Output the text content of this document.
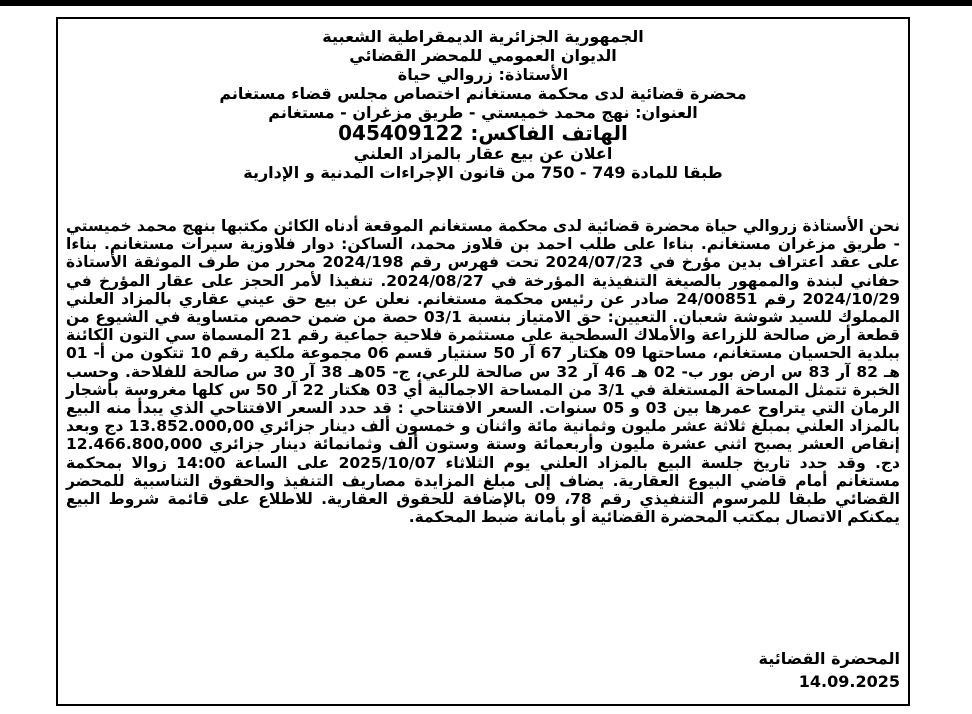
الجمهورية الجزائرية الديمقراطية الشعبية
الديوان العمومي للمحضر القضائي
الأستاذة: زروالي حياة
محضرة قضائية لدى محكمة مستغانم اختصاص مجلس قضاء مستغانم
العنوان: نهج محمد خميستي - طريق مزغران - مستغانم
الهاتف الفاكس: 045409122
اعلان عن بيع عقار بالمزاد العلني
طبقا للمادة 749 - 750 من قانون الإجراءات المدنية و الإدارية
نحن الأستاذة زروالي حياة محضرة قضائية لدى محكمة مستغانم الموقعة أدناه الكائن مكتبها بنهج محمد خميستي - طريق مزغران مستغانم. بناءا على طلب احمد بن قلاوز محمد، الساكن: دوار فلاوزية سيرات مستغانم. بناءا على عقد اعتراف بدين مؤرخ في 2024/07/23 تحت فهرس رقم 2024/198 محرر من طرف الموثقة الأستاذة حفاني لبندة والممهور بالصيغة التنفيذية المؤرخة في 2024/08/27. تنفيذا لأمر الحجز على عقار المؤرخ في 2024/10/29 رقم 24/00851 صادر عن رئيس محكمة مستغانم. نعلن عن بيع حق عيني عقاري بالمزاد العلني المملوك للسيد شوشة شعبان. التعيين: حق الامتياز بنسبة 03/1 حصة من ضمن حصص متساوية في الشيوع من قطعة أرض صالحة للزراعة والأملاك السطحية على مستثمرة فلاحية جماعية رقم 21 المسماة سي التون الكائنة ببلدية الحسيان مستغانم، مساحتها 09 هكتار 67 آر 50 سنتيار قسم 06 مجموعة ملكية رقم 10 تتكون من أ- 01 هـ 82 آر 83 س ارض بور ب- 02 هـ 46 آر 32 س صالحة للرعي، ج- 05هـ 38 آر 30 س صالحة للفلاحة. وحسب الخبرة تتمثل المساحة المستغلة في 3/1 من المساحة الاجمالية أي 03 هكتار 22 آر 50 س كلها مغروسة بأشجار الرمان التي يتراوح عمرها بين 03 و 05 سنوات. السعر الافتتاحي : قد حدد السعر الافتتاحي الذي يبدأ منه البيع بالمزاد العلني بمبلغ ثلاثة عشر مليون وثمانية مائة واثنان و خمسون ألف دينار جزائري 13.852.000,00 دج وبعد إنقاص العشر يصبح اثني عشرة مليون وأربعمائة وستة وستون ألف وثمانمائة دينار جزائري 12.466.800,000 دج. وقد حدد تاريخ جلسة البيع بالمزاد العلني يوم الثلاثاء 2025/10/07 على الساعة 14:00 زوالا بمحكمة مستغانم أمام قاضي البيوع العقارية. يضاف إلى مبلغ المزايدة مصاريف التنفيذ والحقوق التناسبية للمحضر القضائي طبقا للمرسوم التنفيذي رقم 78، 09 بالإضافة للحقوق العقارية. للاطلاع على قائمة شروط البيع يمكنكم الاتصال بمكتب المحضرة القضائية أو بأمانة ضبط المحكمة.
المحضرة القضائية
14.09.2025
